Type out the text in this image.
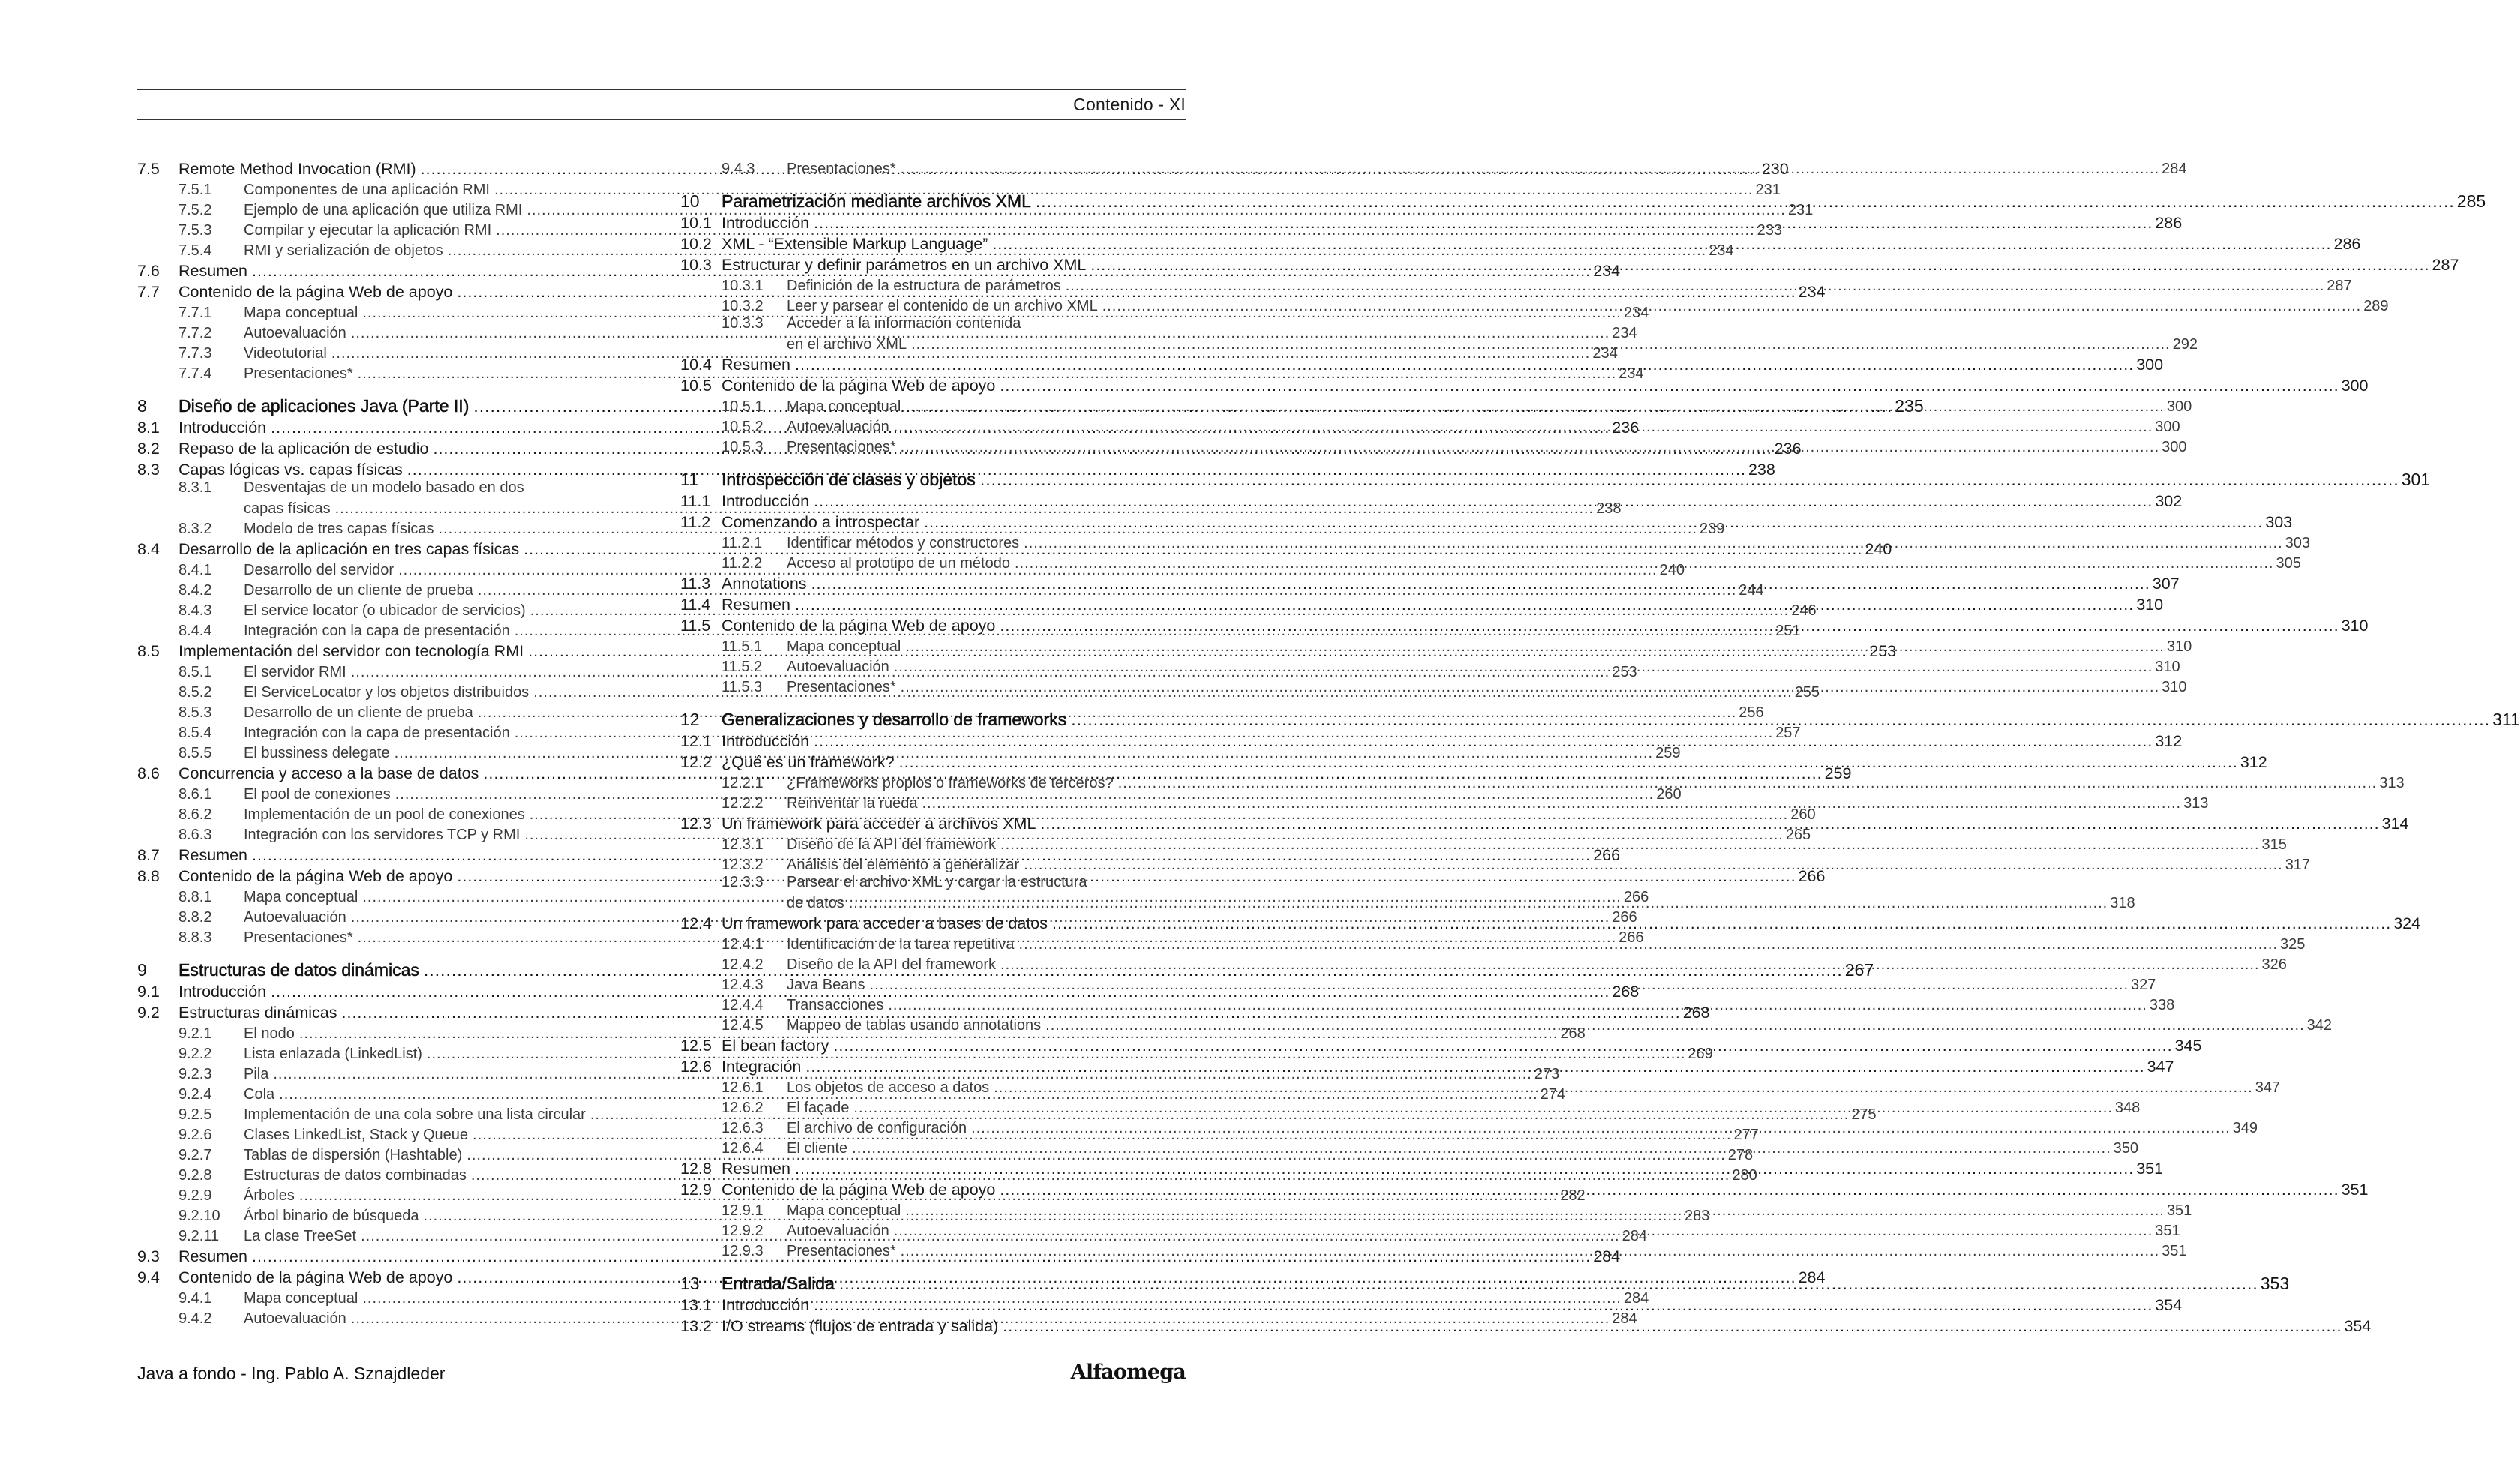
Contenido - XI
7.5	Remote Method Invocation (RMI) .....	230
7.5.1	Componentes de una aplicación RMI .....	231
7.5.2	Ejemplo de una aplicación que utiliza RMI .....	231
7.5.3	Compilar y ejecutar la aplicación RMI .....	233
7.5.4	RMI y serialización de objetos .....	234
7.6	Resumen .....	234
7.7	Contenido de la página Web de apoyo .....	234
7.7.1	Mapa conceptual .....	234
7.7.2	Autoevaluación .....	234
7.7.3	Videotutorial .....	234
7.7.4	Presentaciones* .....	234
8	Diseño de aplicaciones Java (Parte II) .....	235
8.1	Introducción .....	236
8.2	Repaso de la aplicación de estudio .....	236
8.3	Capas lógicas vs. capas físicas .....	238
8.3.1	Desventajas de un modelo basado en dos
capas físicas .....	238
8.3.2	Modelo de tres capas físicas .....	239
8.4	Desarrollo de la aplicación en tres capas físicas .....	240
8.4.1	Desarrollo del servidor .....	240
8.4.2	Desarrollo de un cliente de prueba .....	244
8.4.3	El service locator (o ubicador de servicios) .....	246
8.4.4	Integración con la capa de presentación .....	251
8.5	Implementación del servidor con tecnología RMI .....	253
8.5.1	El servidor RMI .....	253
8.5.2	El ServiceLocator y los objetos distribuidos .....	255
8.5.3	Desarrollo de un cliente de prueba .....	256
8.5.4	Integración con la capa de presentación .....	257
8.5.5	El bussiness delegate .....	259
8.6	Concurrencia y acceso a la base de datos .....	259
8.6.1	El pool de conexiones .....	260
8.6.2	Implementación de un pool de conexiones .....	260
8.6.3	Integración con los servidores TCP y RMI .....	265
8.7	Resumen .....	266
8.8	Contenido de la página Web de apoyo .....	266
8.8.1	Mapa conceptual .....	266
8.8.2	Autoevaluación .....	266
8.8.3	Presentaciones* .....	266
9	Estructuras de datos dinámicas .....	267
9.1	Introducción .....	268
9.2	Estructuras dinámicas .....	268
9.2.1	El nodo .....	268
9.2.2	Lista enlazada (LinkedList) .....	269
9.2.3	Pila .....	273
9.2.4	Cola .....	274
9.2.5	Implementación de una cola sobre una lista circular .....	275
9.2.6	Clases LinkedList, Stack y Queue .....	277
9.2.7	Tablas de dispersión (Hashtable) .....	278
9.2.8	Estructuras de datos combinadas .....	280
9.2.9	Árboles .....	282
9.2.10	Árbol binario de búsqueda .....	283
9.2.11	La clase TreeSet .....	284
9.3	Resumen .....	284
9.4	Contenido de la página Web de apoyo .....	284
9.4.1	Mapa conceptual .....	284
9.4.2	Autoevaluación .....	284
9.4.3	Presentaciones* .....	284
10	Parametrización mediante archivos XML .....	285
10.1 Introducción .....	286
10.2 XML - “Extensible Markup Language” .....	286
10.3 Estructurar y definir parámetros en un archivo XML .....	287
10.3.1	Definición de la estructura de parámetros .....	287
10.3.2	Leer y parsear el contenido de un archivo XML .....	289
10.3.3	Acceder a la información contenida
en el archivo XML .....	292
10.4 Resumen .....	300
10.5 Contenido de la página Web de apoyo .....	300
10.5.1	Mapa conceptual .....	300
10.5.2	Autoevaluación .....	300
10.5.3	Presentaciones* .....	300
11	Introspección de clases y objetos .....	301
11.1 Introducción .....	302
11.2 Comenzando a introspectar .....	303
11.2.1	Identificar métodos y constructores .....	303
11.2.2	Acceso al prototipo de un método .....	305
11.3 Annotations .....	307
11.4 Resumen .....	310
11.5 Contenido de la página Web de apoyo .....	310
11.5.1	Mapa conceptual .....	310
11.5.2	Autoevaluación .....	310
11.5.3	Presentaciones* .....	310
12	Generalizaciones y desarrollo de frameworks .....	311
12.1 Introducción .....	312
12.2 ¿Qué es un framework? .....	312
12.2.1	¿Frameworks propios o frameworks de terceros? .....	313
12.2.2	Reinventar la rueda .....	313
12.3 Un framework para acceder a archivos XML .....	314
12.3.1	Diseño de la API del framework .....	315
12.3.2	Análisis del elemento a generalizar .....	317
12.3.3	Parsear el archivo XML y cargar la estructura
de datos .....	318
12.4 Un framework para acceder a bases de datos .....	324
12.4.1	Identificación de la tarea repetitiva .....	325
12.4.2	Diseño de la API del framework .....	326
12.4.3	Java Beans .....	327
12.4.4	Transacciones .....	338
12.4.5	Mappeo de tablas usando annotations .....	342
12.5 El bean factory .....	345
12.6 Integración .....	347
12.6.1	Los objetos de acceso a datos .....	347
12.6.2	El façade .....	348
12.6.3	El archivo de configuración .....	349
12.6.4	El cliente .....	350
12.8 Resumen .....	351
12.9 Contenido de la página Web de apoyo .....	351
12.9.1	Mapa conceptual .....	351
12.9.2	Autoevaluación .....	351
12.9.3	Presentaciones* .....	351
13	Entrada/Salida .....	353
13.1 Introducción .....	354
13.2 I/O streams (flujos de entrada y salida) .....	354
Java a fondo - Ing. Pablo A. Sznajdleder	Alfaomega
